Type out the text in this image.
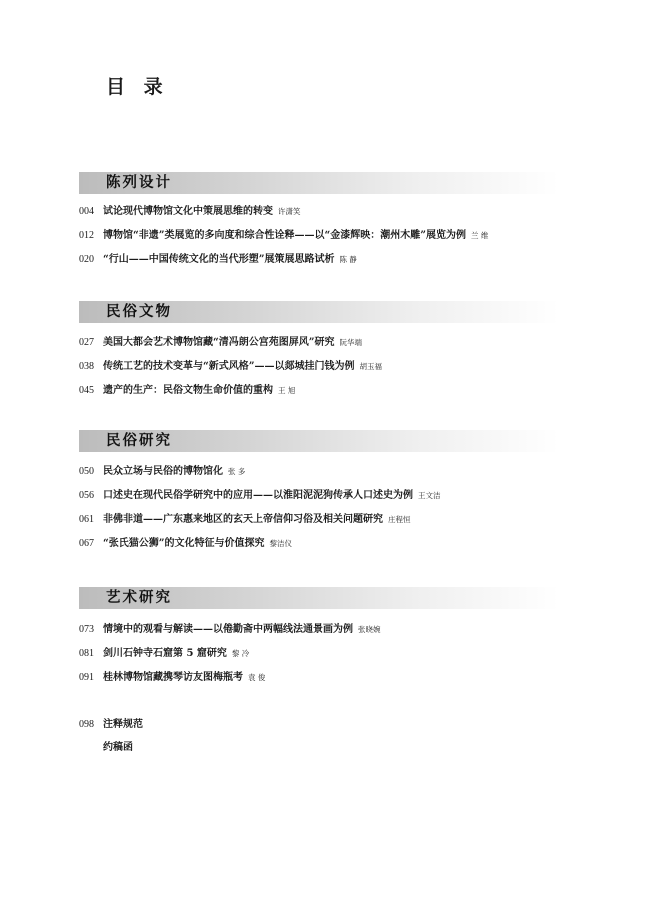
目 录
陈列设计
004 试论现代博物馆文化中策展思维的转变 许潇笑
012 博物馆“非遗”类展览的多向度和综合性诠释——以“金漆辉映：潮州木雕”展览为例 兰 维
020 “行山——中国传统文化的当代形塑”展策展思路试析 陈 静
民俗文物
027 美国大都会艺术博物馆藏“清冯朗公宫苑图屏风”研究 阮华端
038 传统工艺的技术变革与“新式风格”——以郯城挂门钱为例 胡玉福
045 遗产的生产：民俗文物生命价值的重构 王 旭
民俗研究
050 民众立场与民俗的博物馆化 张 多
056 口述史在现代民俗学研究中的应用——以淮阳泥泥狗传承人口述史为例 王文洁
061 非佛非道——广东惠来地区的玄天上帝信仰习俗及相关问题研究 庄程恒
067 “张氏猫公狮”的文化特征与价值探究 黎洁仪
艺术研究
073 情境中的观看与解读——以倦勤斋中两幅线法通景画为例 张晓婉
081 剑川石钟寺石窟第 5 窟研究 黎 冷
091 桂林博物馆藏携琴访友图梅瓶考 袁 俊
098 注释规范
约稿函
